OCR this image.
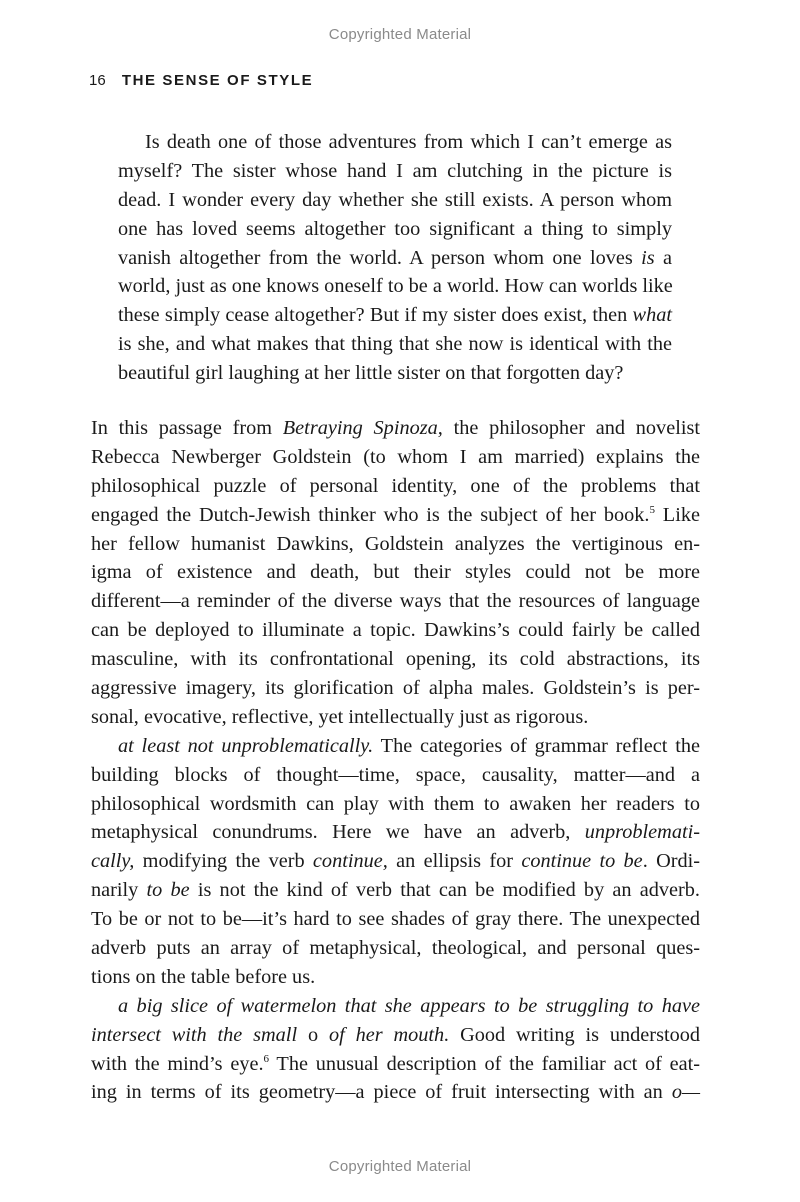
Copyrighted Material
16 THE SENSE OF STYLE
Is death one of those adventures from which I can’t emerge as
myself? The sister whose hand I am clutching in the picture is
dead. I wonder every day whether she still exists. A person whom
one has loved seems altogether too significant a thing to simply
vanish altogether from the world. A person whom one loves is a
world, just as one knows oneself to be a world. How can worlds like
these simply cease altogether? But if my sister does exist, then what
is she, and what makes that thing that she now is identical with the
beautiful girl laughing at her little sister on that forgotten day?
In this passage from Betraying Spinoza, the philosopher and novelist
Rebecca Newberger Goldstein (to whom I am married) explains the
philosophical puzzle of personal identity, one of the problems that
engaged the Dutch-Jewish thinker who is the subject of her book.$^5$ Like
her fellow humanist Dawkins, Goldstein analyzes the vertiginous en-
igma of existence and death, but their styles could not be more
different—a reminder of the diverse ways that the resources of language
can be deployed to illuminate a topic. Dawkins’s could fairly be called
masculine, with its confrontational opening, its cold abstractions, its
aggressive imagery, its glorification of alpha males. Goldstein’s is per-
sonal, evocative, reflective, yet intellectually just as rigorous.
at least not unproblematically. The categories of grammar reflect the
building blocks of thought—time, space, causality, matter—and a
philosophical wordsmith can play with them to awaken her readers to
metaphysical conundrums. Here we have an adverb, unproblemati-
cally, modifying the verb continue, an ellipsis for continue to be. Ordi-
narily to be is not the kind of verb that can be modified by an adverb.
To be or not to be—it’s hard to see shades of gray there. The unexpected
adverb puts an array of metaphysical, theological, and personal ques-
tions on the table before us.
a big slice of watermelon that she appears to be struggling to have
intersect with the small o of her mouth. Good writing is understood
with the mind’s eye.$^6$ The unusual description of the familiar act of eat-
ing in terms of its geometry—a piece of fruit intersecting with an o—
Copyrighted Material
